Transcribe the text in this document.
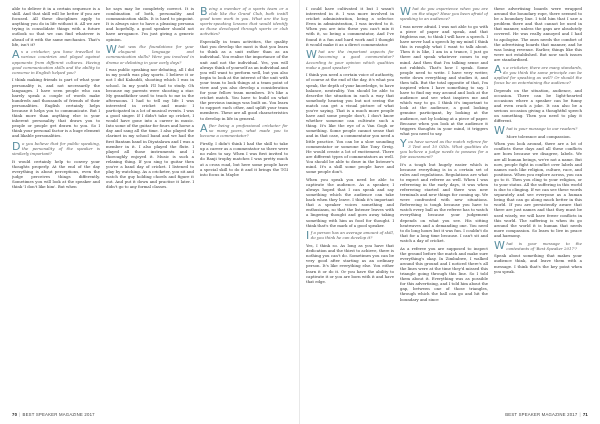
able to deliver it in a certain sequence is a skill. And that skill will be better if you are focused. All these disciplines apply to anything you do in life without it. All we are trying is consolidate things with a future outlook so that we can find whatever is ahead of it with the same mechanics. That's life, isn't it?

As a cricketer, you have travelled to various countries and played against opponents from different cultures. Having good communication skills and the ability to converse in English helped you?

I think making friends is part of what your personality is, and not necessarily the languages. I have seen people who can barely speak a couple of words make hundreds and thousands of friends of their personalities. English certainly helps because it helps you to communicate. But I think more than anything else is your inherent personality that draws you to people or people get drawn to you. So I think your personal factor is a huge element and likable personalities.

Do you believe that for public speaking, the personality of the speaker is similarly important?

It would certainly help to convey your thoughts properly. At the end of the day everything is about perceptions, even the judge perceives things differently. Sometimes you will look at the speaker and think 'I don't like him'. But when

he says may be completely correct. It is combination of both, personality and communication skills. It is hard to pinpoint. It is always nice to have a pleasing persona and hopefully, a good speaker should not have arrogance. I'm just giving a generic opinion.

What was the foundations for your eloquent language and communication skills? Were you involved in drama or debating in your early days?

I was public speaking nor debating, all I did in my youth was play sports. I believe it or not I did Kabaddi, shooting which I was in school. In my youth I'll had to study. Oh because my parents were shooting a star. My grandfather used to teach to me in the afternoons. I had to tell my life I was interested in cricket and music I participated in a lot of musical events. I was a good singer. If I didn't take up cricket, I would have gone into a career in music. Into some of the guitar for fours and horse a day and sang all the time. I also played the clarinet in my school band and we had the first Bantam band in Diyatalawa and I was a member in it. I also played the flute. I played all those instruments and I thoroughly enjoyed it. Music is such a relaxing thing. If you sing to guitar then you're a band day of cricket. I listened to play by watching. As a cricketer, you sit and watch the guy holding chords and figure it out. And put it down and practise it later. I didn't go to any formal classes.

Being a member of a sports team or a club like the Grand Club, both instill good team work in you. What are the key sports-speaking lessons that would identify as those developed through sports or club activities?

Especially in team activities, the quality that you develop the most is that you learn to think as a unit rather than as an individual. You realise the importance of the unit and not the individual. Yes, you will always think of yourself as an individual and you will want to perform well, but you also begin to look at the interest of the unit with your team to look things at a team point of view and you also develop a consideration for your fellow team members. It's like a cricket match. You have to build on what the previous innings was built on. You learn to support each other, and uplift your team members. These are all good characteristics to develop in life in general.

After being a professional cricketer for so many years, what made you to become a commentator?

Firstly, I didn't think I had the skill to take up a career as a commentator so there were no rules to say. When I was first invited to do Ranji trophy matches I was pretty much at a cross road, but here some people have a special skill to do it and it brings the TGI into focus in Maybe

70 | BEST SPEAKER MAGAZINE 2017

I could have cultivated it but I wasn't interested in it. I was more involved in cricket administration, being a selector. Even in administration, I was invited to it. When you are into these you can't mix it with it, so being a commentator, And I've found it a fun and hard work and I thought it would make it as a direct commentator.

What are the important aspects for becoming a good commentator? According to your opinion which qualities make a good speaker?

I think you need a certain voice of authority, of course at the end of the day, it's what you speak, the depth of your knowledge, to have balance, neutrality. You should be able to describe the situation in such a way that somebody hearing you but not seeing the match can get a visual picture of what you're saying. That is a much more people have and some people don't, I don't know whether someone can cultivate such a thing. It's like the eye of a Van Gogh or something. Some people cannot sense that and in that case, a commentator you need a little practice. You can be a slow sounding commentator or someone like Tony Greig. He would create a lot of excitement. There are different types of commentators as well. You should be able to draw in the listener's mind. It's a skill some people have and some people don't.

When you speak you need be able to captivate the audience. As a speaker, I always hoped that I can speak and say something which the audience can take back when they leave. I think it's important that a speaker voices something and enthusiasm, so that the listener leaves with a lingering thought and goes away taking something with him as food for thought. I think that's the mark of a good speaker.

If a person has an average amount of skill, do you think he can develop it?

Yes, I think so. As long as you have that dedication and the thirst to achieve, there is nothing you can't do. Sometimes you can be very good after starting as an ordinary person. It's like everything else. You either learn it or do it. Or you have the ability to captivate it or you are born with it and have that edge.

What do you experience when you are on the stage? Have you been afraid of speaking to an audience?

I was never afraid. I was not able to go with a piece of paper and speak, and that frightens me, to think I will have a speech. I have never had a speech by my mind I think this is roughly what I want to talk about. Then it is like, I am in a trance, I just go there and speak whatever comes to my mind. And then that I'm talking sense and not rubbish. That's how I speak. Some people need to write. I have very writer, write down everything and studies it, and then talk. But the total opposite of that, I'm inspired when I have something to say. I have to find my way around and look at the audience and see what inspires me and which way to go. I think it's important to look at the audience, a good looking genuine participant, by looking at the audience, not by looking at a piece of paper. Because when you look at the audience it triggers thoughts in your mind, it triggers what you need to say.

You have served as the match referee for 3 Test and 10 ODIs. What qualities do you believe a judge needs to possess for a fair assessment?

It's a tough but hugely easier which is because everything is in a certain set of rules and regulations. Regulations are what to expect and referee as well. When I was refereeing in the early days, it was when refereeing started and there was new terminals and new things for coming up. We were confronted with new situations. Refereeing is tough because you have to watch every ball as the referee has to watch everything because your judgement depends on what you see. His sitting heatwaves and a demanding one. You need to do long hours but it was fun. I couldn't do that for a long time because. I can't sit and watch a day of cricket.

As a referee you are supposed to inspect the ground before the match and make sure everything's okay. In Zimbabwe, I walked around this ground and I noticed there's all the lines were at the time they'd missed this triangle going through this line. So I told them about it. Everything was as possible for this advertising, and I told him about the gap, between one of those triangles, through which the ball can go and hit the boundary and since

these advertising boards were wrapped around the boundary rope, there seemed to be a boundary line. I told him that I saw a problem there and that cannot be used in that manner, unless the gaps are absolutely covered. He was really annoyed and I had to apologise. The ones needs the comfort of the advertising boards that manner, and he was losing revenue. Earlier, things like this were not established. But now such issues are standardised.

As a cricketer, there are many standards, do you think the same principle can be applied for speaking as well? Or should the focus be on entertaining the audience?

Depends on the situation, audience, and occasion. There can be light-hearted occasions where a speaker can be funny and even crack a joke. It can also be a serious occasion giving a thoughtful speech on something. Then you need to play it different.

What is your message to our readers?

More tolerance and compassion.

When you look around, there are a lot of conflicts these days and all these conflicts are born because we disagree, labels. We are all human beings, we're not a name. But now, people fight in conflict over labels and names such like religion, culture, race, and positions. When you explore across, you can go to it. Then you cling to your religion, or to your status. All the suffering in this world is due to clinging. If we can see these words separately and see everyone as a human being that can go along much better in this world. If you are persistently aware that there are just names and that they must be used wisely, we will have fewer conflicts in this world. The suffering is when its go around the world it is human that needs more compassion. So learn to live in peace and harmony.

What is your message to the contestants of 'Best Speaker 2017'?

Speak about something that makes your audience think, and leave them with a message. I think that's the key point when you speak.

BEST SPEAKER MAGAZINE 2017 | 71
